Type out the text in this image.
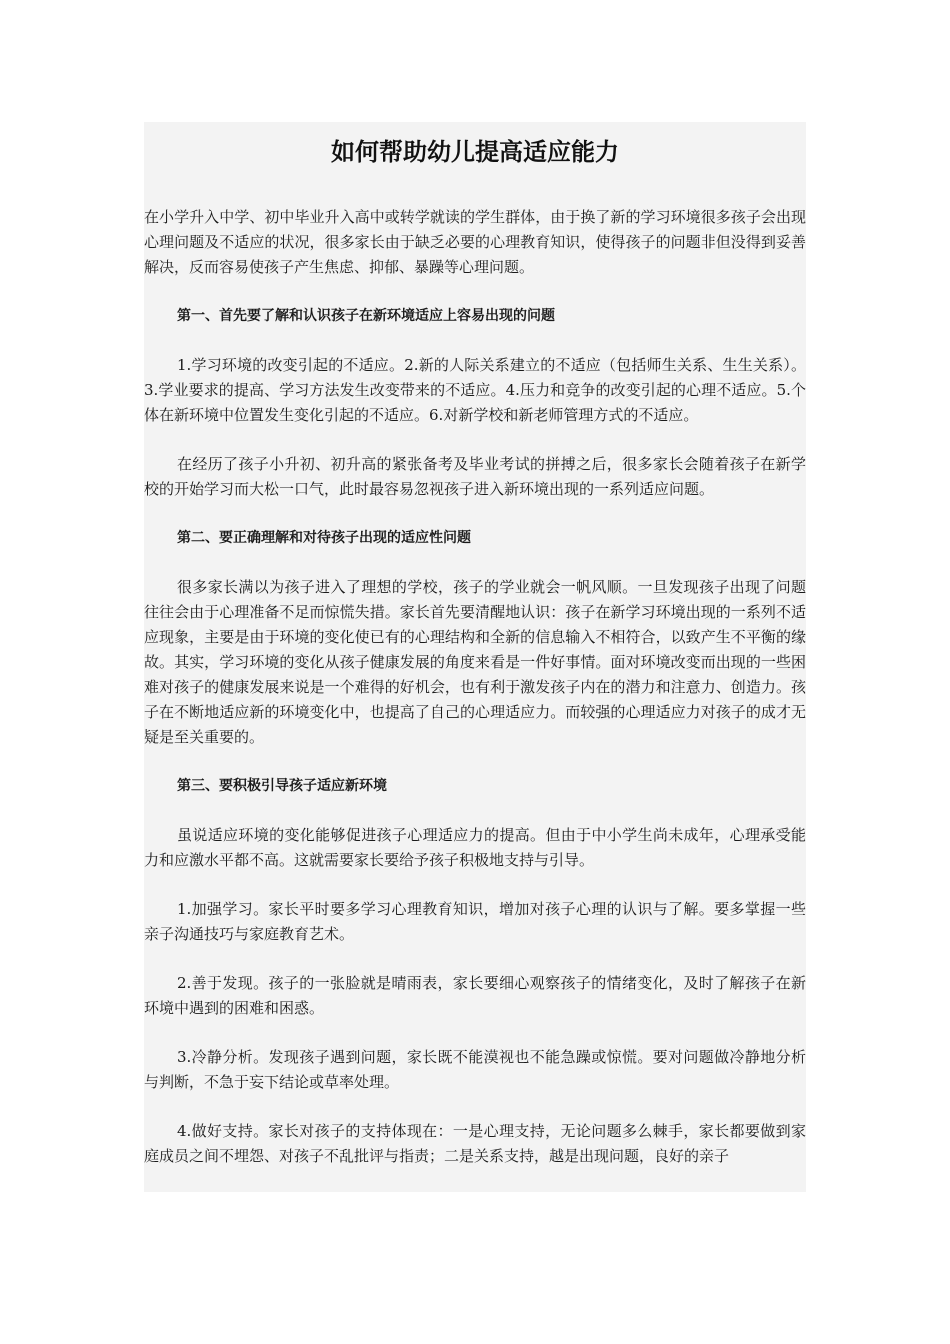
如何帮助幼儿提高适应能力

在小学升入中学、初中毕业升入高中或转学就读的学生群体，由于换了新的学习环境很多孩子会出现心理问题及不适应的状况，很多家长由于缺乏必要的心理教育知识，使得孩子的问题非但没得到妥善解决，反而容易使孩子产生焦虑、抑郁、暴躁等心理问题。

第一、首先要了解和认识孩子在新环境适应上容易出现的问题

1.学习环境的改变引起的不适应。2.新的人际关系建立的不适应（包括师生关系、生生关系）。3.学业要求的提高、学习方法发生改变带来的不适应。4.压力和竞争的改变引起的心理不适应。5.个体在新环境中位置发生变化引起的不适应。6.对新学校和新老师管理方式的不适应。

在经历了孩子小升初、初升高的紧张备考及毕业考试的拼搏之后，很多家长会随着孩子在新学校的开始学习而大松一口气，此时最容易忽视孩子进入新环境出现的一系列适应问题。

第二、要正确理解和对待孩子出现的适应性问题

很多家长满以为孩子进入了理想的学校，孩子的学业就会一帆风顺。一旦发现孩子出现了问题往往会由于心理准备不足而惊慌失措。家长首先要清醒地认识：孩子在新学习环境出现的一系列不适应现象，主要是由于环境的变化使已有的心理结构和全新的信息输入不相符合，以致产生不平衡的缘故。其实，学习环境的变化从孩子健康发展的角度来看是一件好事情。面对环境改变而出现的一些困难对孩子的健康发展来说是一个难得的好机会，也有利于激发孩子内在的潜力和注意力、创造力。孩子在不断地适应新的环境变化中，也提高了自己的心理适应力。而较强的心理适应力对孩子的成才无疑是至关重要的。

第三、要积极引导孩子适应新环境

虽说适应环境的变化能够促进孩子心理适应力的提高。但由于中小学生尚未成年，心理承受能力和应激水平都不高。这就需要家长要给予孩子积极地支持与引导。

1.加强学习。家长平时要多学习心理教育知识，增加对孩子心理的认识与了解。要多掌握一些亲子沟通技巧与家庭教育艺术。

2.善于发现。孩子的一张脸就是晴雨表，家长要细心观察孩子的情绪变化，及时了解孩子在新环境中遇到的困难和困惑。

3.冷静分析。发现孩子遇到问题，家长既不能漠视也不能急躁或惊慌。要对问题做冷静地分析与判断，不急于妄下结论或草率处理。

4.做好支持。家长对孩子的支持体现在：一是心理支持，无论问题多么棘手，家长都要做到家庭成员之间不埋怨、对孩子不乱批评与指责；二是关系支持，越是出现问题，良好的亲子
